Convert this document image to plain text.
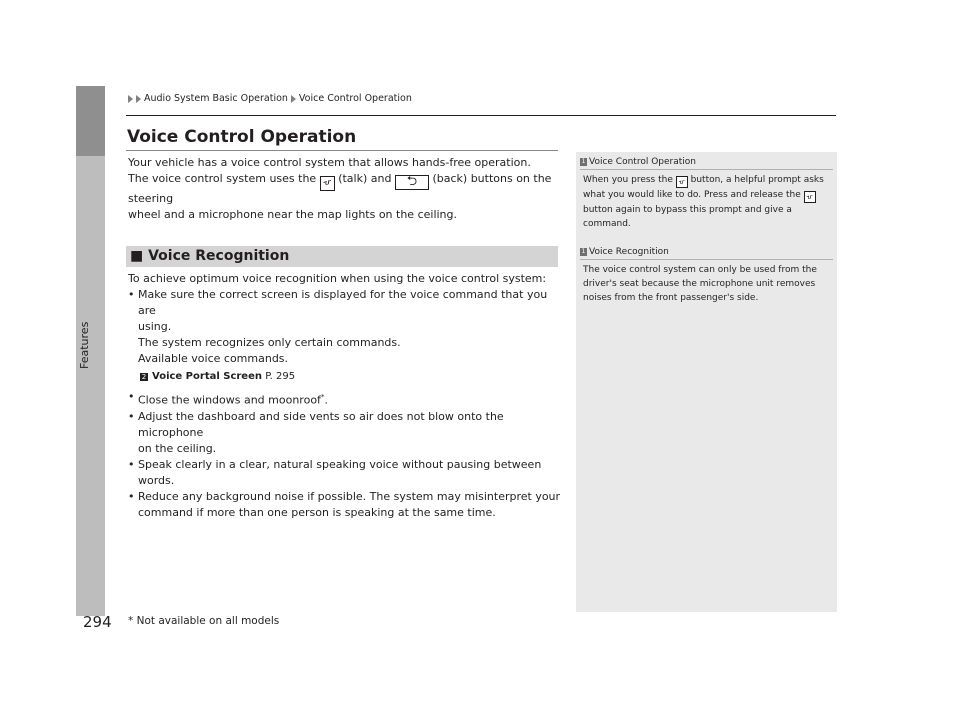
Features
Audio System Basic Operation Voice Control Operation
Voice Control Operation
Your vehicle has a voice control system that allows hands-free operation.
The voice control system uses the ሇ (talk) and ⮌ (back) buttons on the steering
wheel and a microphone near the map lights on the ceiling.
■ Voice Recognition
To achieve optimum voice recognition when using the voice control system:
• Make sure the correct screen is displayed for the voice command that you are
using.
The system recognizes only certain commands.
Available voice commands.
2 Voice Portal Screen P. 295
• Close the windows and moonroof*.
• Adjust the dashboard and side vents so air does not blow onto the microphone
on the ceiling.
• Speak clearly in a clear, natural speaking voice without pausing between words.
• Reduce any background noise if possible. The system may misinterpret your
command if more than one person is speaking at the same time.
1 Voice Control Operation
When you press the ሇ button, a helpful prompt asks
what you would like to do. Press and release the ሇ
button again to bypass this prompt and give a
command.
1 Voice Recognition
The voice control system can only be used from the
driver's seat because the microphone unit removes
noises from the front passenger's side.
294 * Not available on all models
